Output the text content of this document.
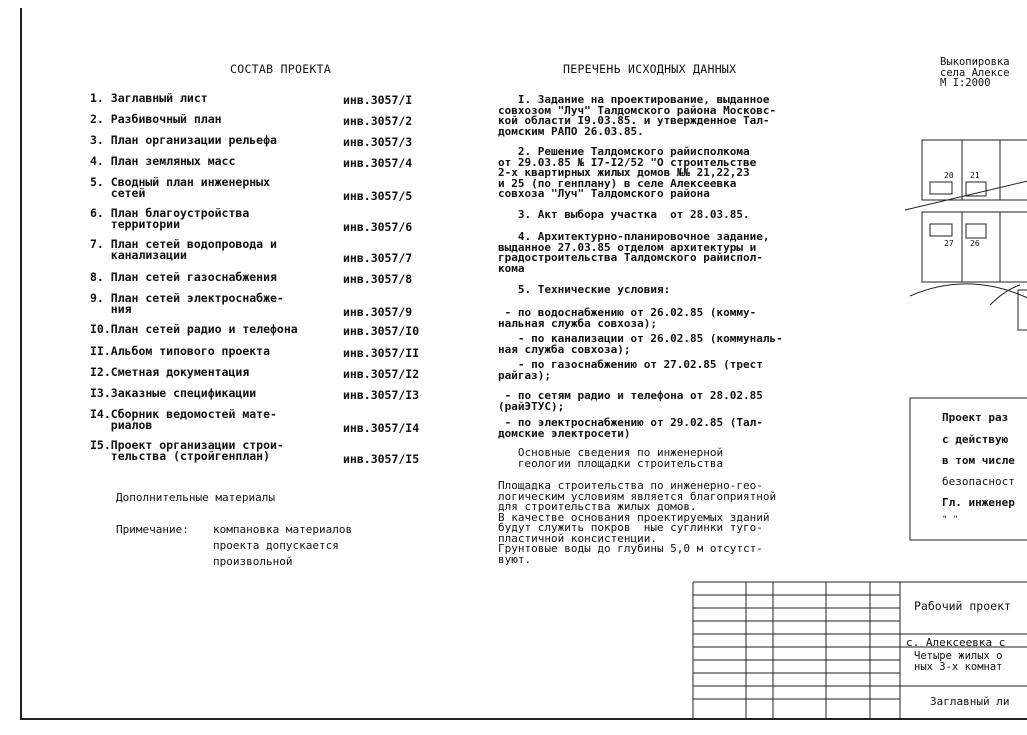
СОСТАВ ПРОЕКТА
1. Заглавный лист	инв.3057/I
2. Разбивочный план	инв.3057/2
3. План организации рельефа	инв.3057/3
4. План земляных масс	инв.3057/4
5. Сводный план инженерных
сетей	инв.3057/5
6. План благоустройства
территории	инв.3057/6
7. План сетей водопровода и
канализации	инв.3057/7
8. План сетей газоснабжения	инв.3057/8
9. План сетей электроснабже-
ния	инв.3057/9
I0.План сетей радио и телефона	инв.3057/I0
II.Альбом типового проекта	инв.3057/II
I2.Сметная документация	инв.3057/I2
I3.Заказные спецификации	инв.3057/I3
I4.Сборник ведомостей мате-
риалов	инв.3057/I4
I5.Проект организации строи-
тельства (стройгенплан)	инв.3057/I5
Дополнительные материалы
Примечание: компановка материалов
проекта допускается
произвольной
ПЕРЕЧЕНЬ ИСХОДНЫХ ДАННЫХ
I. Задание на проектирование, выданное
совхозом "Луч" Талдомского района Московс-
кой области I9.03.85. и утвержденное Тал-
домским РАПО 26.03.85.
2. Решение Талдомского райисполкома
от 29.03.85 № I7-I2/52 "О строительстве
2-х квартирных жилых домов №№ 21,22,23
и 25 (по генплану) в селе Алексеевка
совхоза "Луч" Талдомского района
3. Акт выбора участка  от 28.03.85.
4. Архитектурно-планировочное задание,
выданное 27.03.85 отделом архитектуры и
градостроительства Талдомского райиспол-
кома
5. Технические условия:
- по водоснабжению от 26.02.85 (комму-
нальная служба совхоза);
- по канализации от 26.02.85 (коммуналь-
ная служба совхоза);
- по газоснабжению от 27.02.85 (трест
райгаз);
- по сетям радио и телефона от 28.02.85
(райЭТУС);
- по электроснабжению от 29.02.85 (Тал-
домские электросети)
Основные сведения по инженерной
геологии площадки строительства
Площадка строительства по инженерно-гео-
логическим условиям является благоприятной
для строительства жилых домов.
В качестве основания проектируемых зданий
будут служить покров  ные суглинки туго-
пластичной консистенции.
Грунтовые воды до глубины 5,0 м отсутст-
вуют.
Выкопировка
села Алексе
М I:2000
20 21
27 26
Проект раз
с действую
в том числе
безопасност
Гл. инженер
" "
Рабочий проект
с. Алексеевка с
Четыре жилых о
ных 3-х комнат
Заглавный ли
